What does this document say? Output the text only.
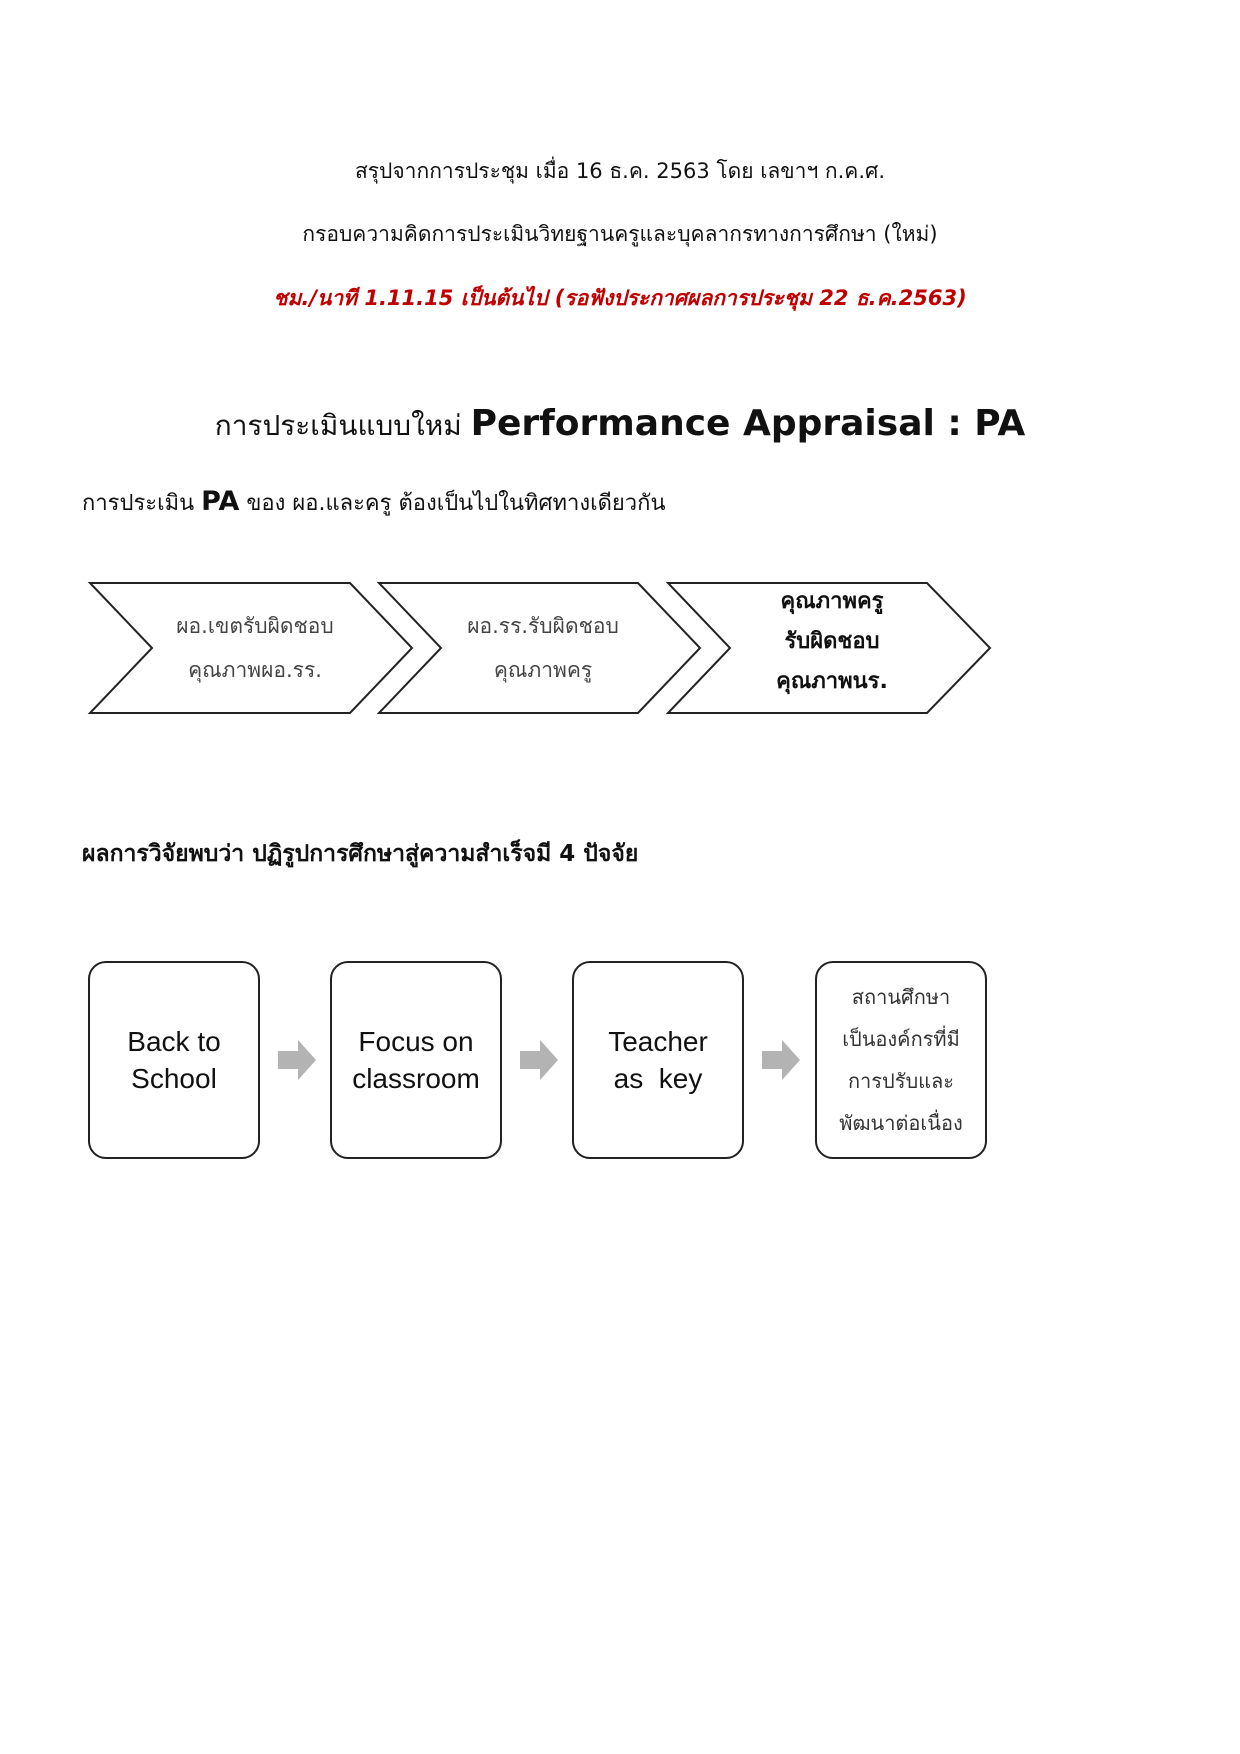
สรุปจากการประชุม เมื่อ 16 ธ.ค. 2563 โดย เลขาฯ ก.ค.ศ.
กรอบความคิดการประเมินวิทยฐานครูและบุคลากรทางการศึกษา (ใหม่)
ชม./นาที 1.11.15 เป็นต้นไป (รอฟังประกาศผลการประชุม 22 ธ.ค.2563)
การประเมินแบบใหม่ Performance Appraisal : PA
การประเมิน PA ของ ผอ.และครู ต้องเป็นไปในทิศทางเดียวกัน
ผอ.เขตรับผิดชอบ
คุณภาพผอ.รร.
ผอ.รร.รับผิดชอบ
คุณภาพครู
คุณภาพครู
รับผิดชอบ
คุณภาพนร.
ผลการวิจัยพบว่า ปฏิรูปการศึกษาสู่ความสำเร็จมี 4 ปัจจัย
Back to
School
Focus on
classroom
Teacher
as  key
สถานศึกษา
เป็นองค์กรที่มี
การปรับและ
พัฒนาต่อเนื่อง
